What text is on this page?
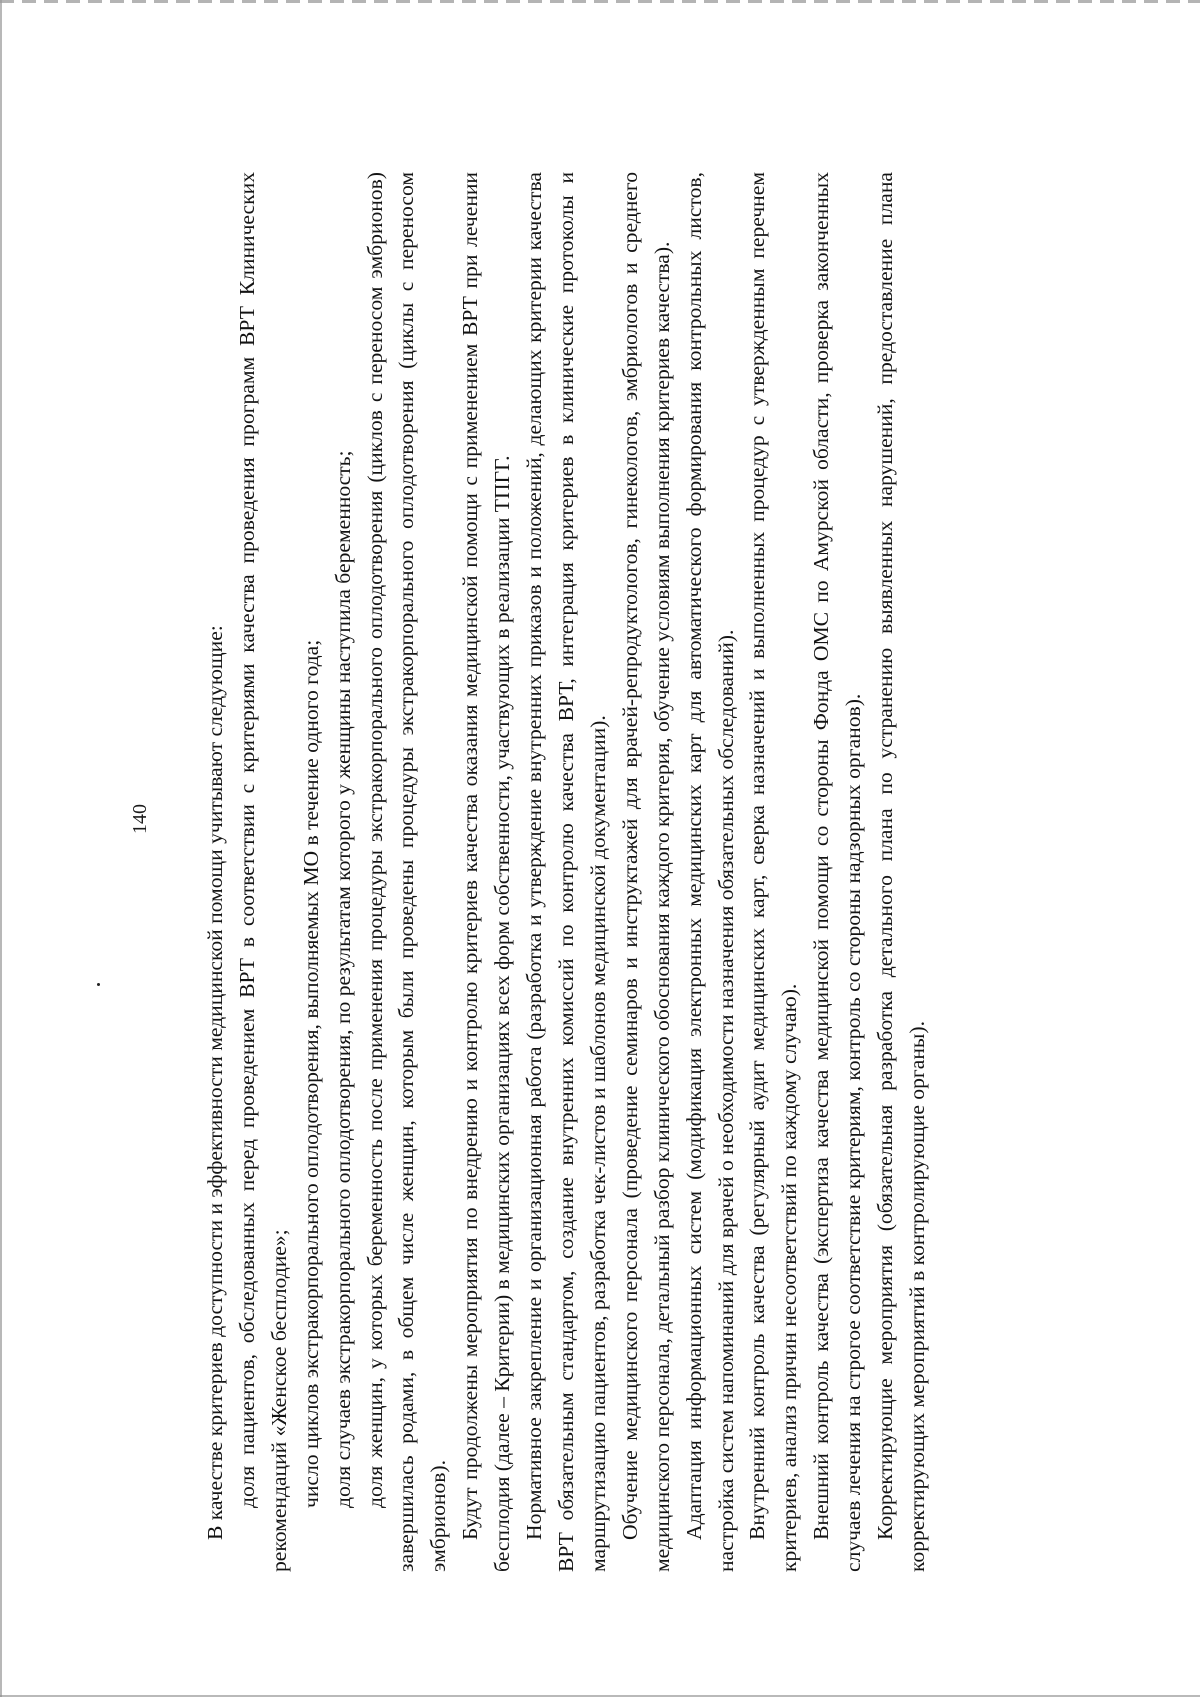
140 В качестве критериев доступности и эффективности медицинской помощи учитывают следующие: доля пациентов, обследованных перед проведением ВРТ в соответствии с критериями качества проведения программ ВРТ Клинических рекомендаций «Женское бесплодие»; число циклов экстракорпорального оплодотворения, выполняемых МО в течение одного года; доля случаев экстракорпорального оплодотворения, по результатам которого у женщины наступила беременность; доля женщин, у которых беременность после применения процедуры экстракорпорального оплодотворения (циклов с переносом эмбрионов) завершилась родами, в общем числе женщин, которым были проведены процедуры экстракорпорального оплодотворения (циклы с переносом эмбрионов). Будут продолжены мероприятия по внедрению и контролю критериев качества оказания медицинской помощи с применением ВРТ при лечении бесплодия (далее – Критерии) в медицинских организациях всех форм собственности, участвующих в реализации ТПГГ. Нормативное закрепление и организационная работа (разработка и утверждение внутренних приказов и положений, делающих критерии качества ВРТ обязательным стандартом, создание внутренних комиссий по контролю качества ВРТ, интеграция критериев в клинические протоколы и маршрутизацию пациентов, разработка чек-листов и шаблонов медицинской документации). Обучение медицинского персонала (проведение семинаров и инструктажей для врачей-репродуктологов, гинекологов, эмбриологов и среднего медицинского персонала, детальный разбор клинического обоснования каждого критерия, обучение условиям выполнения критериев качества). Адаптация информационных систем (модификация электронных медицинских карт для автоматического формирования контрольных листов, настройка систем напоминаний для врачей о необходимости назначения обязательных обследований). Внутренний контроль качества (регулярный аудит медицинских карт, сверка назначений и выполненных процедур с утвержденным перечнем критериев, анализ причин несоответствий по каждому случаю). Внешний контроль качества (экспертиза качества медицинской помощи со стороны Фонда ОМС по Амурской области, проверка законченных случаев лечения на строгое соответствие критериям, контроль со стороны надзорных органов). Корректирующие мероприятия (обязательная разработка детального плана по устранению выявленных нарушений, предоставление плана корректирующих мероприятий в контролирующие органы).
